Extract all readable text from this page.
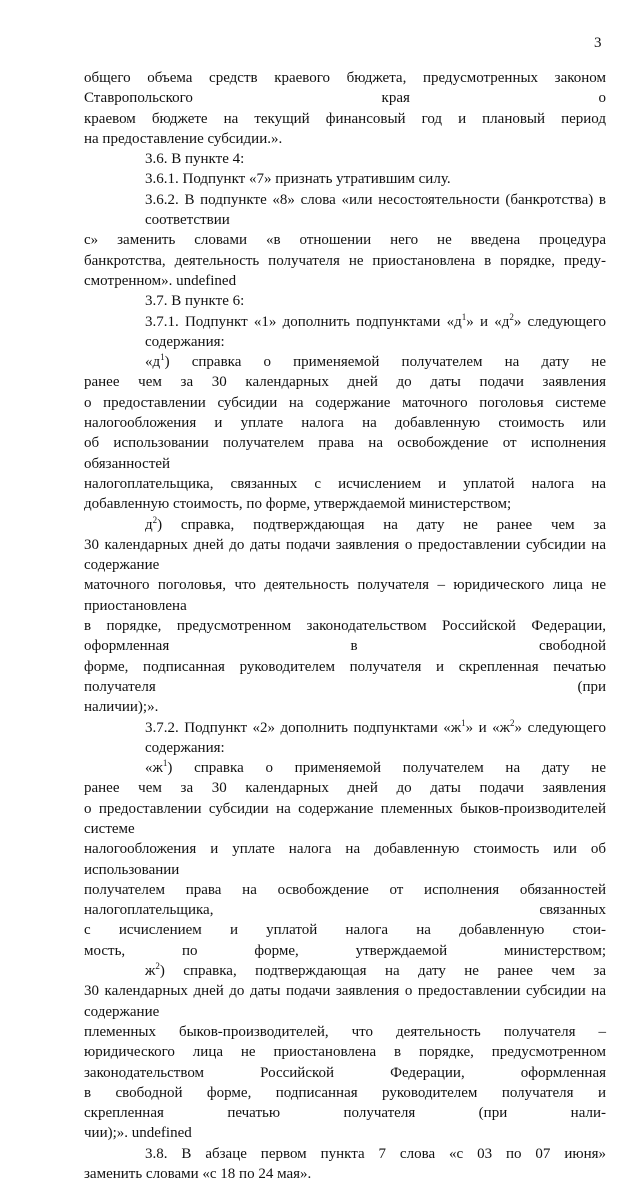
3
общего объема средств краевого бюджета, предусмотренных законом Ставропольского края о
краевом бюджете на текущий финансовый год и плановый период
на предоставление субсидии.».
3.6. В пункте 4:
3.6.1. Подпункт «7» признать утратившим силу.
3.6.2. В подпункте «8» слова «или несостоятельности (банкротства) в соответствии
с» заменить словами «в отношении него не введена процедура
банкротства, деятельность получателя не приостановлена в порядке, преду-
смотренном». undefined
3.7. В пункте 6:
3.7.1. Подпункт «1» дополнить подпунктами «$д^1$» и «$д^2$» следующего содержания:
«$д^1$) справка о применяемой получателем на дату не
ранее чем за 30 календарных дней до даты подачи заявления
о предоставлении субсидии на содержание маточного поголовья системе
налогообложения и уплате налога на добавленную стоимость или
об использовании получателем права на освобождение от исполнения обязанностей
налогоплательщика, связанных с исчислением и уплатой налога на
добавленную стоимость, по форме, утверждаемой министерством;
$д^2$) справка, подтверждающая на дату не ранее чем за
30 календарных дней до даты подачи заявления о предоставлении субсидии на содержание
маточного поголовья, что деятельность получателя – юридического лица не приостановлена
в порядке, предусмотренном законодательством Российской Федерации, оформленная в свободной
форме, подписанная руководителем получателя и скрепленная печатью получателя (при
наличии);».
3.7.2. Подпункт «2» дополнить подпунктами «$ж^1$» и «$ж^2$» следующего содержания:
«$ж^1$) справка о применяемой получателем на дату не
ранее чем за 30 календарных дней до даты подачи заявления
о предоставлении субсидии на содержание племенных быков-производителей системе
налогообложения и уплате налога на добавленную стоимость или об использовании
получателем права на освобождение от исполнения обязанностей налогоплательщика, связанных
с исчислением и уплатой налога на добавленную стои-
мость, по форме, утверждаемой министерством;
$ж^2$) справка, подтверждающая на дату не ранее чем за
30 календарных дней до даты подачи заявления о предоставлении субсидии на содержание
племенных быков-производителей, что деятельность получателя –
юридического лица не приостановлена в порядке, предусмотренном законодательством Российской Федерации, оформленная
в свободной форме, подписанная руководителем получателя и
скрепленная печатью получателя (при нали-
чии);». undefined
3.8. В абзаце первом пункта 7 слова «с 03 по 07 июня»
заменить словами «с 18 по 24 мая».
